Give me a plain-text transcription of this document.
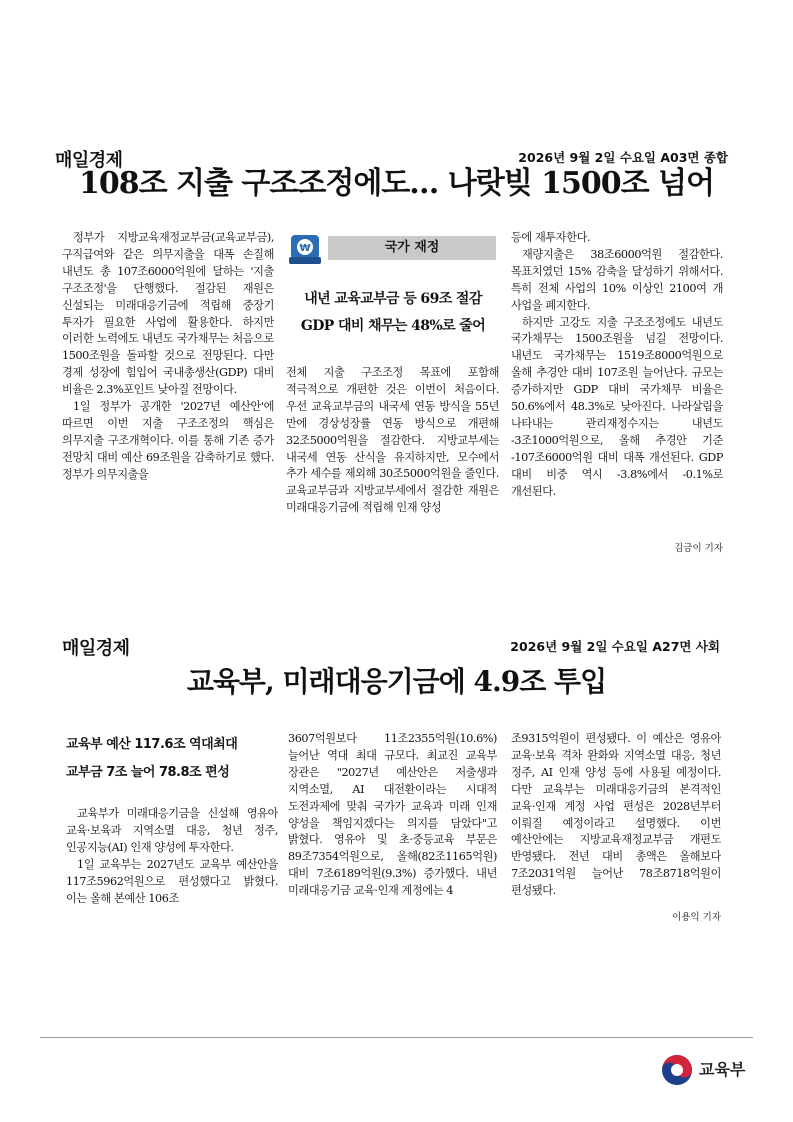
매일경제	2026년 9월 2일 수요일 A03면 종합
108조 지출 구조조정에도… 나랏빚 1500조 넘어

정부가 지방교육재정교부금(교육교부금), 구직급여와 같은 의무지출을 대폭 손질해 내년도 총 107조6000억원에 달하는 '지출 구조조정'을 단행했다. 절감된 재원은 신설되는 미래대응기금에 적립해 중장기 투자가 필요한 사업에 활용한다. 하지만 이러한 노력에도 내년도 국가채무는 처음으로 1500조원을 돌파할 것으로 전망된다. 다만 경제 성장에 힘입어 국내총생산(GDP) 대비 비율은 2.3%포인트 낮아질 전망이다.

1일 정부가 공개한 '2027년 예산안'에 따르면 이번 지출 구조조정의 핵심은 의무지출 구조개혁이다. 이를 통해 기존 증가 전망치 대비 예산 69조원을 감축하기로 했다. 정부가 의무지출을

₩	국가 재정
내년 교육교부금 등 69조 절감
GDP 대비 채무는 48%로 줄어

전체 지출 구조조정 목표에 포함해 적극적으로 개편한 것은 이번이 처음이다. 우선 교육교부금의 내국세 연동 방식을 55년 만에 경상성장률 연동 방식으로 개편해 32조5000억원을 절감한다. 지방교부세는 내국세 연동 산식을 유지하지만, 모수에서 추가 세수를 제외해 30조5000억원을 줄인다. 교육교부금과 지방교부세에서 절감한 재원은 미래대응기금에 적립해 인재 양성

등에 재투자한다.

재량지출은 38조6000억원 절감한다. 목표치였던 15% 감축을 달성하기 위해서다. 특히 전체 사업의 10% 이상인 2100여 개 사업을 폐지한다.

하지만 고강도 지출 구조조정에도 내년도 국가채무는 1500조원을 넘길 전망이다. 내년도 국가채무는 1519조8000억원으로 올해 추경안 대비 107조원 늘어난다. 규모는 증가하지만 GDP 대비 국가채무 비율은 50.6%에서 48.3%로 낮아진다. 나라살림을 나타내는 관리재정수지는 내년도 -3조1000억원으로, 올해 추경안 기준 -107조6000억원 대비 대폭 개선된다. GDP 대비 비중 역시 -3.8%에서 -0.1%로 개선된다.

김금이 기자
매일경제	2026년 9월 2일 수요일 A27면 사회
교육부, 미래대응기금에 4.9조 투입
교육부 예산 117.6조 역대최대
교부금 7조 늘어 78.8조 편성

교육부가 미래대응기금을 신설해 영유아 교육·보육과 지역소멸 대응, 청년 정주, 인공지능(AI) 인재 양성에 투자한다.

1일 교육부는 2027년도 교육부 예산안을 117조5962억원으로 편성했다고 밝혔다. 이는 올해 본예산 106조

3607억원보다 11조2355억원(10.6%) 늘어난 역대 최대 규모다. 최교진 교육부 장관은 "2027년 예산안은 저출생과 지역소멸, AI 대전환이라는 시대적 도전과제에 맞춰 국가가 교육과 미래 인재 양성을 책임지겠다는 의지를 담았다"고 밝혔다. 영유아 및 초·중등교육 부문은 89조7354억원으로, 올해(82조1165억원) 대비 7조6189억원(9.3%) 증가했다. 내년 미래대응기금 교육·인재 계정에는 4

조9315억원이 편성됐다. 이 예산은 영유아 교육·보육 격차 완화와 지역소멸 대응, 청년 정주, AI 인재 양성 등에 사용될 예정이다. 다만 교육부는 미래대응기금의 본격적인 교육·인재 계정 사업 편성은 2028년부터 이뤄질 예정이라고 설명했다. 이번 예산안에는 지방교육재정교부금 개편도 반영됐다. 전년 대비 총액은 올해보다 7조2031억원 늘어난 78조8718억원이 편성됐다.

이용익 기자
교육부
